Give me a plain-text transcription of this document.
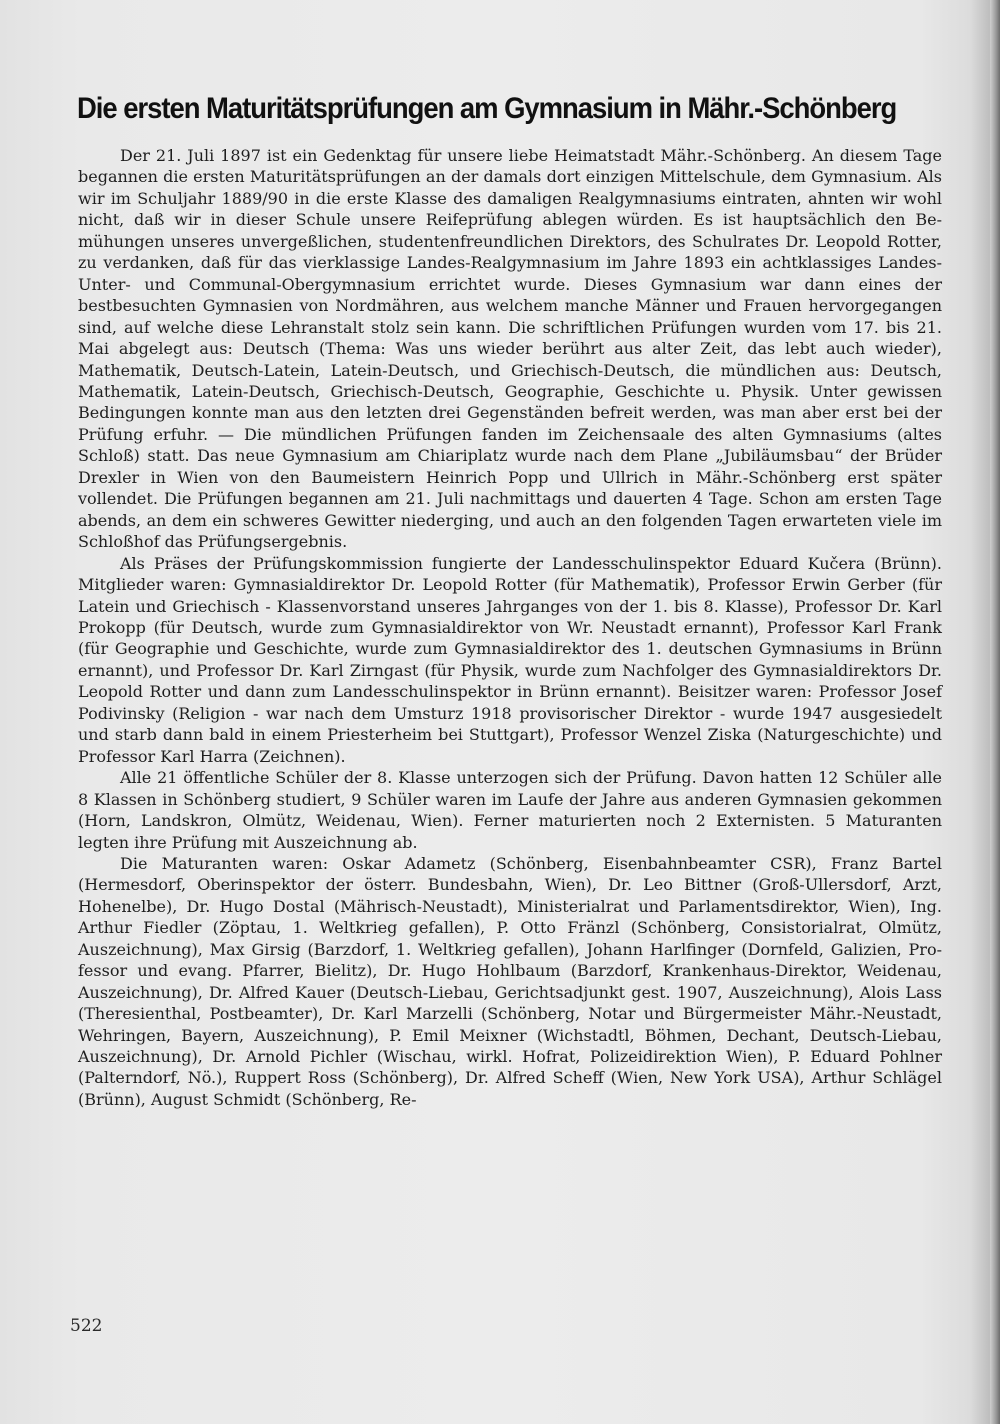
Die ersten Maturitätsprüfungen am Gymnasium in Mähr.-Schönberg

Der 21. Juli 1897 ist ein Gedenktag für unsere liebe Heimatstadt Mähr.-Schönberg. An diesem Tage begannen die ersten Maturitätsprüfungen an der damals dort einzigen Mittelschule, dem Gymnasium. Als wir im Schuljahr 1889/90 in die erste Klasse des damaligen Realgymnasiums eintraten, ahnten wir wohl nicht, daß wir in dieser Schule unsere Reifeprüfung ablegen würden. Es ist hauptsächlich den Bemühungen unseres unvergeßlichen, studentenfreundlichen Direktors, des Schulrates Dr. Leopold Rotter, zu verdanken, daß für das vierklassige Landes-Realgymnasium im Jahre 1893 ein achtklassiges Landes-Unter- und Communal-Obergymnasium errichtet wurde. Dieses Gymnasium war dann eines der bestbesuchten Gymnasien von Nordmähren, aus welchem manche Männer und Frauen hervorgegangen sind, auf welche diese Lehranstalt stolz sein kann. Die schriftlichen Prüfungen wurden vom 17. bis 21. Mai abgelegt aus: Deutsch (Thema: Was uns wieder berührt aus alter Zeit, das lebt auch wieder), Mathematik, Deutsch-Latein, Latein-Deutsch, und Griechisch-Deutsch, die mündlichen aus: Deutsch, Mathematik, Latein-Deutsch, Griechisch-Deutsch, Geographie, Geschichte u. Physik. Unter gewissen Bedingungen konnte man aus den letzten drei Gegenständen befreit werden, was man aber erst bei der Prüfung erfuhr. — Die mündlichen Prüfungen fanden im Zeichensaale des alten Gymnasiums (altes Schloß) statt. Das neue Gymnasium am Chiariplatz wurde nach dem Plane „Jubiläumsbau“ der Brüder Drexler in Wien von den Baumeistern Heinrich Popp und Ullrich in Mähr.-Schönberg erst später vollendet. Die Prüfungen begannen am 21. Juli nachmittags und dauerten 4 Tage. Schon am ersten Tage abends, an dem ein schweres Gewitter niederging, und auch an den folgenden Tagen erwarteten viele im Schloßhof das Prüfungsergebnis.

Als Präses der Prüfungskommission fungierte der Landesschulinspektor Eduard Kučera (Brünn). Mitglieder waren: Gymnasialdirektor Dr. Leopold Rotter (für Mathematik), Professor Erwin Gerber (für Latein und Griechisch - Klassenvorstand unseres Jahrganges von der 1. bis 8. Klasse), Professor Dr. Karl Prokopp (für Deutsch, wurde zum Gymnasialdirektor von Wr. Neustadt ernannt), Professor Karl Frank (für Geographie und Geschichte, wurde zum Gymnasialdirektor des 1. deutschen Gymnasiums in Brünn ernannt), und Professor Dr. Karl Zirngast (für Physik, wurde zum Nachfolger des Gymnasialdirektors Dr. Leopold Rotter und dann zum Landesschulinspektor in Brünn ernannt). Beisitzer waren: Professor Josef Podivinsky (Religion - war nach dem Umsturz 1918 provisorischer Direktor - wurde 1947 ausgesiedelt und starb dann bald in einem Priesterheim bei Stuttgart), Professor Wenzel Ziska (Naturgeschichte) und Professor Karl Harra (Zeichnen).

Alle 21 öffentliche Schüler der 8. Klasse unterzogen sich der Prüfung. Davon hatten 12 Schüler alle 8 Klassen in Schönberg studiert, 9 Schüler waren im Laufe der Jahre aus anderen Gymnasien gekommen (Horn, Landskron, Olmütz, Weidenau, Wien). Ferner maturierten noch 2 Externisten. 5 Maturanten legten ihre Prüfung mit Auszeichnung ab.

Die Maturanten waren: Oskar Adametz (Schönberg, Eisenbahnbeamter CSR), Franz Bartel (Hermesdorf, Oberinspektor der österr. Bundesbahn, Wien), Dr. Leo Bittner (Groß-Ullersdorf, Arzt, Hohenelbe), Dr. Hugo Dostal (Mährisch-Neustadt), Ministerialrat und Parlamentsdirektor, Wien), Ing. Arthur Fiedler (Zöptau, 1. Weltkrieg gefallen), P. Otto Fränzl (Schönberg, Consistorialrat, Olmütz, Auszeichnung), Max Girsig (Barzdorf, 1. Weltkrieg gefallen), Johann Harlfinger (Dornfeld, Galizien, Professor und evang. Pfarrer, Bielitz), Dr. Hugo Hohlbaum (Barzdorf, Krankenhaus-Direktor, Weidenau, Auszeichnung), Dr. Alfred Kauer (Deutsch-Liebau, Gerichtsadjunkt gest. 1907, Auszeichnung), Alois Lass (Theresienthal, Postbeamter), Dr. Karl Marzelli (Schönberg, Notar und Bürgermeister Mähr.-Neustadt, Wehringen, Bayern, Auszeichnung), P. Emil Meixner (Wichstadtl, Böhmen, Dechant, Deutsch-Liebau, Auszeichnung), Dr. Arnold Pichler (Wischau, wirkl. Hofrat, Polizeidirektion Wien), P. Eduard Pohlner (Palterndorf, Nö.), Ruppert Ross (Schönberg), Dr. Alfred Scheff (Wien, New York USA), Arthur Schlägel (Brünn), August Schmidt (Schönberg, Re-

522
